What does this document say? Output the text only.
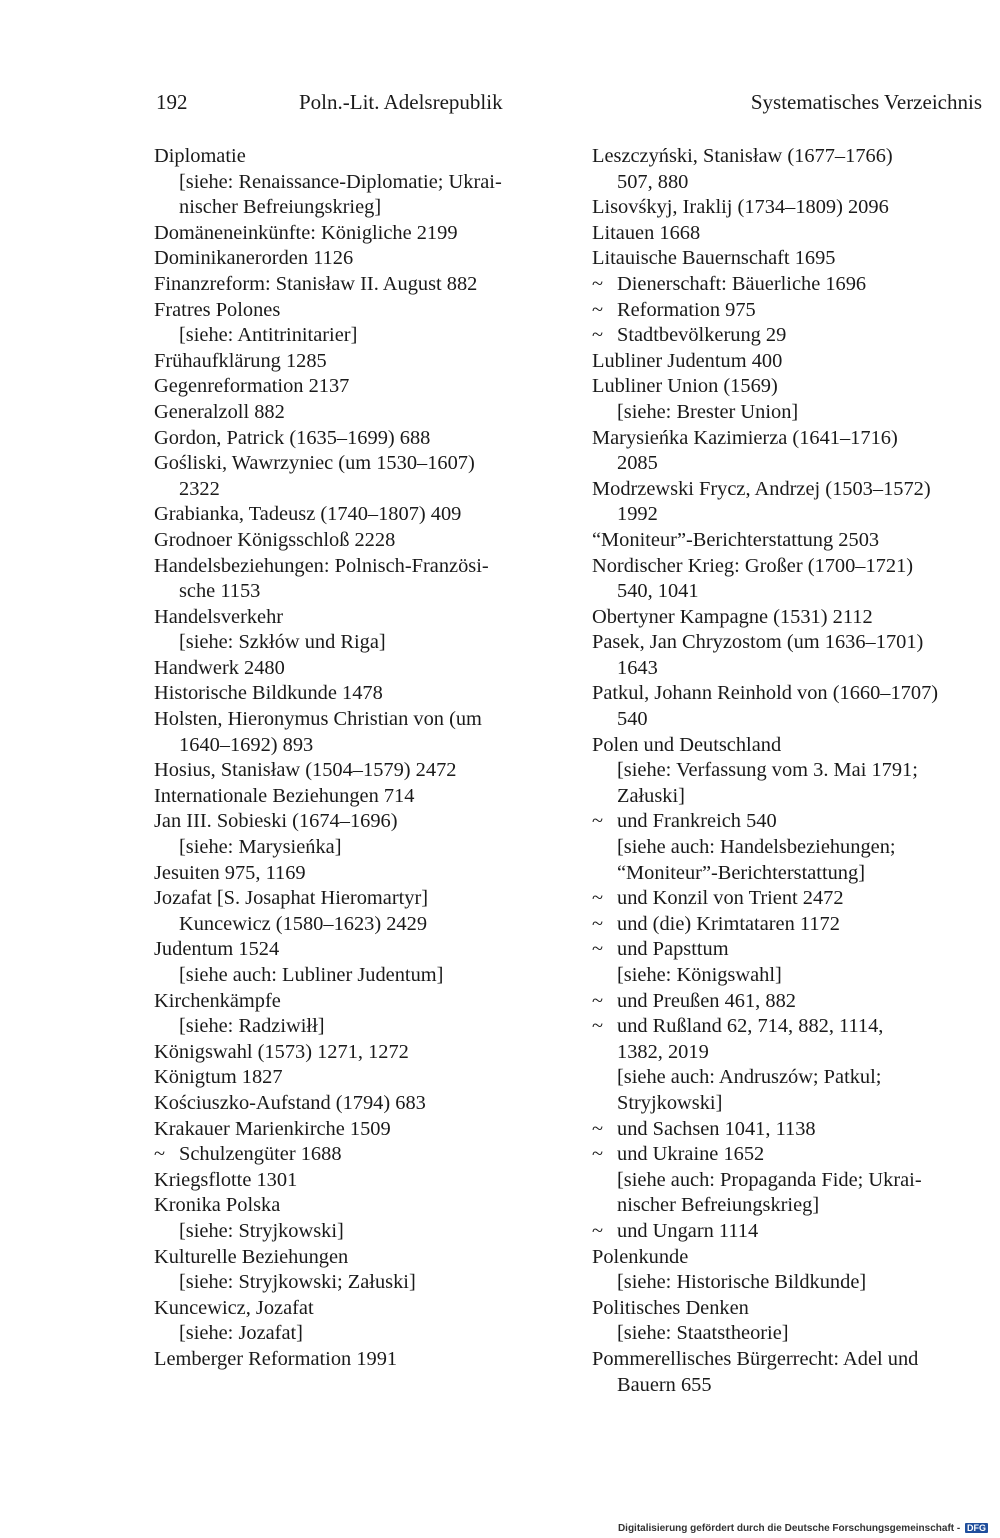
192	Poln.-Lit. Adelsrepublik	Systematisches Verzeichnis
Diplomatie
[siehe: Renaissance-Diplomatie; Ukrai-
nischer Befreiungskrieg]
Domäneneinkünfte: Königliche 2199
Dominikanerorden 1126
Finanzreform: Stanisław II. August 882
Fratres Polones
[siehe: Antitrinitarier]
Frühaufklärung 1285
Gegenreformation 2137
Generalzoll 882
Gordon, Patrick (1635–1699) 688
Gośliski, Wawrzyniec (um 1530–1607)
2322
Grabianka, Tadeusz (1740–1807) 409
Grodnoer Königsschloß 2228
Handelsbeziehungen: Polnisch-Französi-
sche 1153
Handelsverkehr
[siehe: Szkłów und Riga]
Handwerk 2480
Historische Bildkunde 1478
Holsten, Hieronymus Christian von (um
1640–1692) 893
Hosius, Stanisław (1504–1579) 2472
Internationale Beziehungen 714
Jan III. Sobieski (1674–1696)
[siehe: Marysieńka]
Jesuiten 975, 1169
Jozafat [S. Josaphat Hieromartyr]
Kuncewicz (1580–1623) 2429
Judentum 1524
[siehe auch: Lubliner Judentum]
Kirchenkämpfe
[siehe: Radziwiłł]
Königswahl (1573) 1271, 1272
Königtum 1827
Kościuszko-Aufstand (1794) 683
Krakauer Marienkirche 1509
~ Schulzengüter 1688
Kriegsflotte 1301
Kronika Polska
[siehe: Stryjkowski]
Kulturelle Beziehungen
[siehe: Stryjkowski; Załuski]
Kuncewicz, Jozafat
[siehe: Jozafat]
Lemberger Reformation 1991
Leszczyński, Stanisław (1677–1766)
507, 880
Lisovśkyj, Iraklij (1734–1809) 2096
Litauen 1668
Litauische Bauernschaft 1695
~ Dienerschaft: Bäuerliche 1696
~ Reformation 975
~ Stadtbevölkerung 29
Lubliner Judentum 400
Lubliner Union (1569)
[siehe: Brester Union]
Marysieńka Kazimierza (1641–1716)
2085
Modrzewski Frycz, Andrzej (1503–1572)
1992
“Moniteur”-Berichterstattung 2503
Nordischer Krieg: Großer (1700–1721)
540, 1041
Obertyner Kampagne (1531) 2112
Pasek, Jan Chryzostom (um 1636–1701)
1643
Patkul, Johann Reinhold von (1660–1707)
540
Polen und Deutschland
[siehe: Verfassung vom 3. Mai 1791;
Załuski]
~ und Frankreich 540
[siehe auch: Handelsbeziehungen;
“Moniteur”-Berichterstattung]
~ und Konzil von Trient 2472
~ und (die) Krimtataren 1172
~ und Papsttum
[siehe: Königswahl]
~ und Preußen 461, 882
~ und Rußland 62, 714, 882, 1114,
1382, 2019
[siehe auch: Andruszów; Patkul;
Stryjkowski]
~ und Sachsen 1041, 1138
~ und Ukraine 1652
[siehe auch: Propaganda Fide; Ukrai-
nischer Befreiungskrieg]
~ und Ungarn 1114
Polenkunde
[siehe: Historische Bildkunde]
Politisches Denken
[siehe: Staatstheorie]
Pommerellisches Bürgerrecht: Adel und
Bauern 655
Digitalisierung gefördert durch die Deutsche Forschungsgemeinschaft - DFG
